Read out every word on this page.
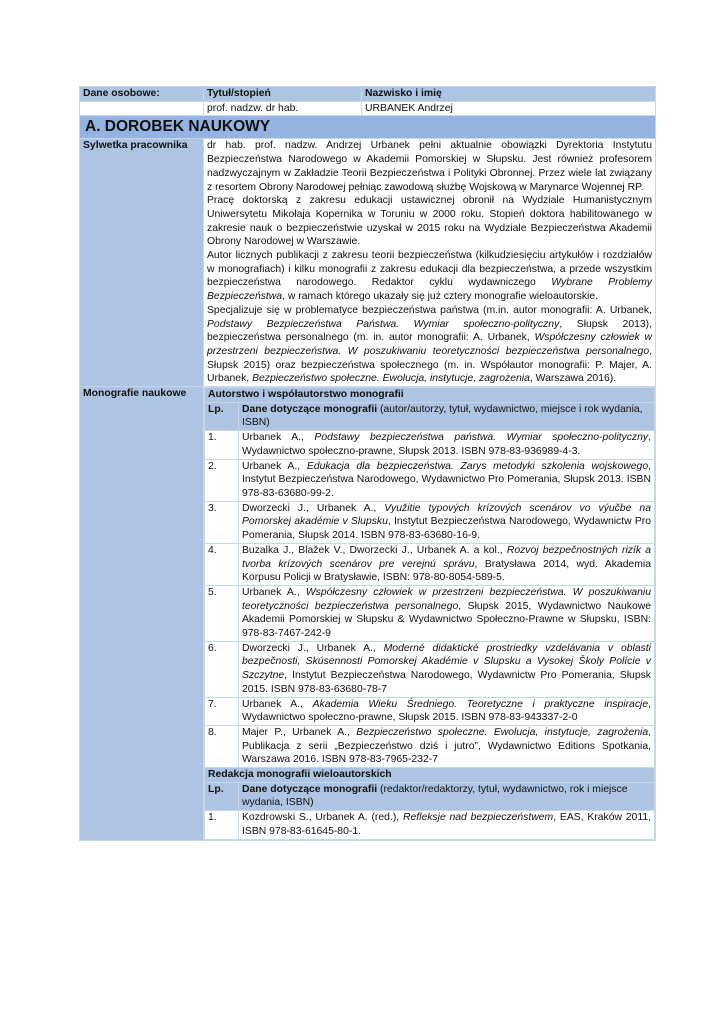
Dane osobowe:	Tytuł/stopień	Nazwisko i imię
	prof. nadzw. dr hab.	URBANEK Andrzej
A. DOROBEK NAUKOWY
Sylwetka pracownika	dr hab. prof. nadzw. Andrzej Urbanek pełni aktualnie obowiązki Dyrektoria Instytutu Bezpieczeństwa Narodowego w Akademii Pomorskiej w Słupsku. Jest również profesorem nadzwyczajnym w Zakładzie Teorii Bezpieczeństwa i Polityki Obronnej. Przez wiele lat związany z resortem Obrony Narodowej pełniąc zawodową służbę Wojskową w Marynarce Wojennej RP.
Pracę doktorską z zakresu edukacji ustawicznej obronił na Wydziale Humanistycznym Uniwersytetu Mikołaja Kopernika w Toruniu w 2000 roku. Stopień doktora habilitowanego w zakresie nauk o bezpieczeństwie uzyskał w 2015 roku na Wydziale Bezpieczeństwa Akademii Obrony Narodowej w Warszawie.
Autor licznych publikacji z zakresu teorii bezpieczeństwa (kilkudziesięciu artykułów i rozdziałów w monografiach) i kilku monografii z zakresu edukacji dla bezpieczeństwa, a przede wszystkim bezpieczeństwa narodowego. Redaktor cyklu wydawniczego Wybrane Problemy Bezpieczeństwa, w ramach którego ukazały się już cztery monografie wieloautorskie.
Specjalizuje się w problematyce bezpieczeństwa państwa (m.in. autor monografii: A. Urbanek, Podstawy Bezpieczeństwa Państwa. Wymiar społeczno-polityczny, Słupsk 2013), bezpieczeństwa personalnego (m. in. autor monografii: A. Urbanek, Współczesny człowiek w przestrzeni bezpieczeństwa. W poszukiwaniu teoretyczności bezpieczeństwa personalnego, Słupsk 2015) oraz bezpieczeństwa społecznego (m. in. Współautor monografii: P. Majer, A. Urbanek, Bezpieczeństwo społeczne. Ewolucja, instytucje, zagrożenia, Warszawa 2016).

Monografie naukowe	Autorstwo i współautorstwo monografii
Lp.	Dane dotyczące monografii (autor/autorzy, tytuł, wydawnictwo, miejsce i rok wydania, ISBN)
1.	Urbanek A., Podstawy bezpieczeństwa państwa. Wymiar społeczno-polityczny, Wydawnictwo społeczno-prawne, Słupsk 2013. ISBN 978-83-936989-4-3.
2.	Urbanek A., Edukacja dla bezpieczeństwa. Zarys metodyki szkolenia wojskowego, Instytut Bezpieczeństwa Narodowego, Wydawnictwo Pro Pomerania, Słupsk 2013. ISBN 978-83-63680-99-2.
3.	Dworzecki J., Urbanek A., Využitie typových krízových scenárov vo výučbe na Pomorskej akadémie v Slupsku, Instytut Bezpieczeństwa Narodowego, Wydawnictw Pro Pomerania, Słupsk 2014. ISBN 978-83-63680-16-9.
4.	Buzalka J., Blažek V., Dworzecki J., Urbanek A. a kol., Rozvoj bezpečnostných rizík a tvorba krízových scenárov pre verejnú správu, Bratysława 2014, wyd. Akademia Korpusu Policji w Bratysławie, ISBN: 978-80-8054-589-5.
5.	Urbanek A., Współczesny człowiek w przestrzeni bezpieczeństwa. W poszukiwaniu teoretyczności bezpieczeństwa personalnego, Słupsk 2015, Wydawnictwo Naukowe Akademii Pomorskiej w Słupsku & Wydawnictwo Społeczno-Prawne w Słupsku, ISBN: 978-83-7467-242-9
6.	Dworzecki J., Urbanek A., Moderné didaktické prostriedky vzdelávania v oblasti bezpečnosti, Skúsennosti Pomorskej Akadémie v Slupsku a Vysokej Školy Polície v Szczytne, Instytut Bezpieczeństwa Narodowego, Wydawnictw Pro Pomerania, Słupsk 2015. ISBN 978-83-63680-78-7
7.	Urbanek A., Akademia Wieku Średniego. Teoretyczne i praktyczne inspiracje, Wydawnictwo społeczno-prawne, Słupsk 2015. ISBN 978-83-943337-2-0
8.	Majer P., Urbanek A., Bezpieczeństwo społeczne. Ewolucja, instytucje, zagrożenia, Publikacja z serii „Bezpieczeństwo dziś i jutro”, Wydawnictwo Editions Spotkania, Warszawa 2016. ISBN 978-83-7965-232-7
Redakcja monografii wieloautorskich
Lp.	Dane dotyczące monografii (redaktor/redaktorzy, tytuł, wydawnictwo, rok i miejsce wydania, ISBN)
1.	Kozdrowski S., Urbanek A. (red.), Refleksje nad bezpieczeństwem, EAS, Kraków 2011, ISBN 978-83-61645-80-1.
